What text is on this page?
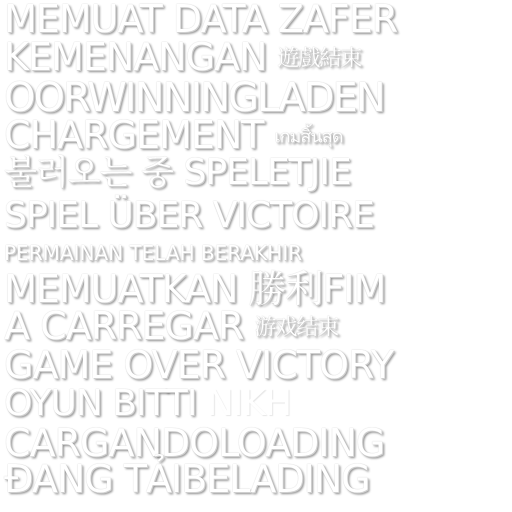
MEMUAT DATA ZAFER
KEMENANGAN 遊戲結束
OORWINNINGLADEN
CHARGEMENT เกมสิ้นสุด
불러오는 중 SPELETJIE
SPIEL ÜBER VICTOIRE
PERMAINAN TELAH BERAKHIR
MEMUATKAN 勝利FIM
A CARREGAR 游戏结束
GAME OVER VICTORY
OYUN BITTI ΝΙΚΗ
CARGANDOLOADING
ĐANG TẢIBELADING
